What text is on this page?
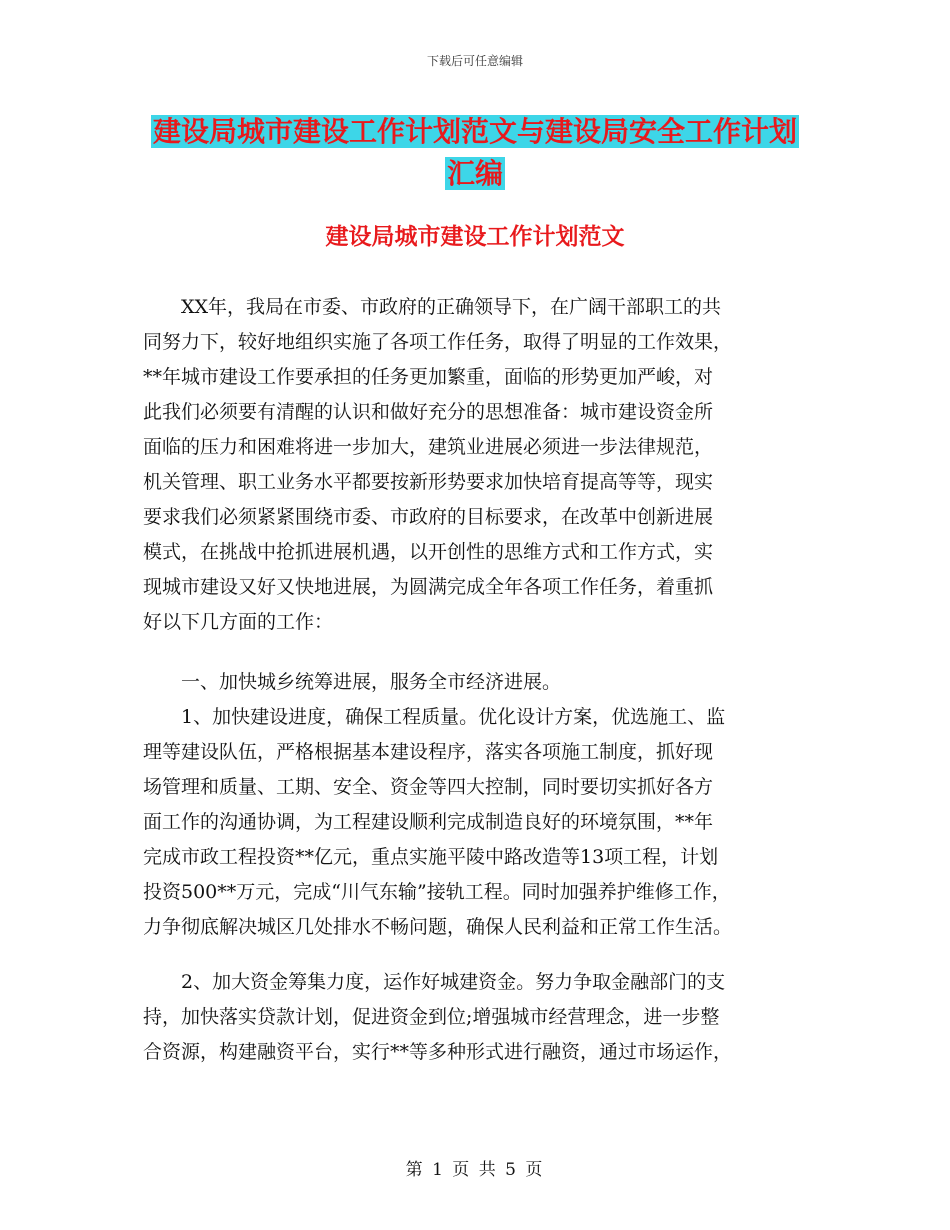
下载后可任意编辑
建设局城市建设工作计划范文与建设局安全工作计划
汇编
建设局城市建设工作计划范文
XX年，我局在市委、市政府的正确领导下，在广阔干部职工的共
同努力下，较好地组织实施了各项工作任务，取得了明显的工作效果，
**年城市建设工作要承担的任务更加繁重，面临的形势更加严峻，对
此我们必须要有清醒的认识和做好充分的思想准备：城市建设资金所
面临的压力和困难将进一步加大，建筑业进展必须进一步法律规范，
机关管理、职工业务水平都要按新形势要求加快培育提高等等，现实
要求我们必须紧紧围绕市委、市政府的目标要求，在改革中创新进展
模式，在挑战中抢抓进展机遇，以开创性的思维方式和工作方式，实
现城市建设又好又快地进展，为圆满完成全年各项工作任务，着重抓
好以下几方面的工作：
一、加快城乡统筹进展，服务全市经济进展。
1、加快建设进度，确保工程质量。优化设计方案，优选施工、监
理等建设队伍，严格根据基本建设程序，落实各项施工制度，抓好现
场管理和质量、工期、安全、资金等四大控制，同时要切实抓好各方
面工作的沟通协调，为工程建设顺利完成制造良好的环境氛围，**年
完成市政工程投资**亿元，重点实施平陵中路改造等13项工程，计划
投资500**万元，完成“川气东输”接轨工程。同时加强养护维修工作，
力争彻底解决城区几处排水不畅问题，确保人民利益和正常工作生活。
2、加大资金筹集力度，运作好城建资金。努力争取金融部门的支
持，加快落实贷款计划，促进资金到位;增强城市经营理念，进一步整
合资源，构建融资平台，实行**等多种形式进行融资，通过市场运作，
第 1 页 共 5 页
